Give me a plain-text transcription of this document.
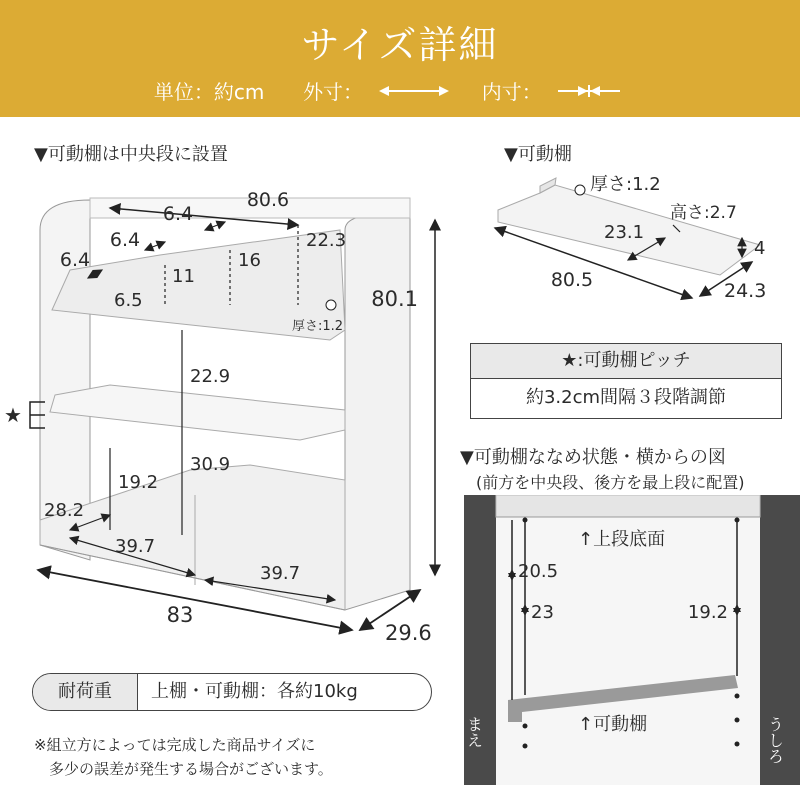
サイズ詳細
単位：約cm 外寸：	内寸：
▼可動棚は中央段に設置
80.6
6.4
6.4
6.4
22.3
16
11
6.5
厚さ:1.2
80.1
22.9
30.9
19.2
28.2
39.7
39.7
83
29.6
★
▼可動棚
厚さ:1.2
高さ:2.7
23.1
4
80.5	24.3
★:可動棚ピッチ
約3.2cm間隔３段階調節
▼可動棚ななめ状態・横からの図
(前方を中央段、後方を最上段に配置)
↑上段底面
20.5
23	19.2
↑可動棚
まえ	うしろ
耐荷重	上棚・可動棚：各約10kg
※組立方によっては完成した商品サイズに
　多少の誤差が発生する場合がございます。
